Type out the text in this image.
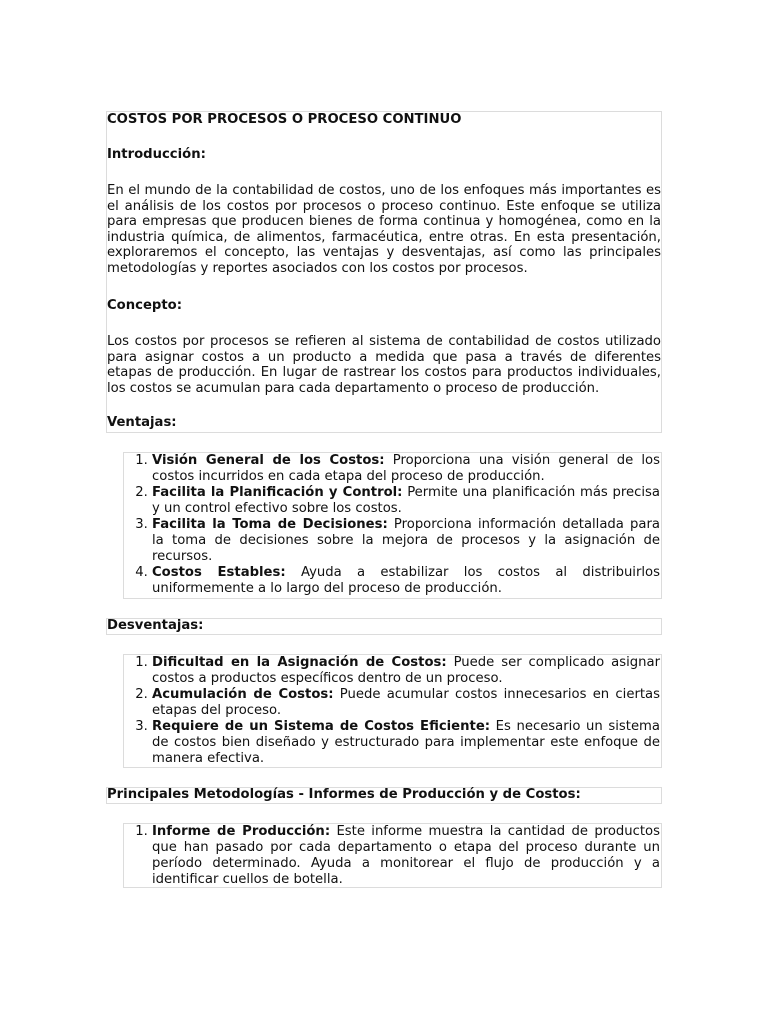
COSTOS POR PROCESOS O PROCESO CONTINUO

Introducción:

En el mundo de la contabilidad de costos, uno de los enfoques más importantes es el análisis de los costos por procesos o proceso continuo. Este enfoque se utiliza para empresas que producen bienes de forma continua y homogénea, como en la industria química, de alimentos, farmacéutica, entre otras. En esta presentación, exploraremos el concepto, las ventajas y desventajas, así como las principales metodologías y reportes asociados con los costos por procesos.

Concepto:

Los costos por procesos se refieren al sistema de contabilidad de costos utilizado para asignar costos a un producto a medida que pasa a través de diferentes etapas de producción. En lugar de rastrear los costos para productos individuales, los costos se acumulan para cada departamento o proceso de producción.

Ventajas:

1. Visión General de los Costos: Proporciona una visión general de los costos incurridos en cada etapa del proceso de producción.
2. Facilita la Planificación y Control: Permite una planificación más precisa y un control efectivo sobre los costos.
3. Facilita la Toma de Decisiones: Proporciona información detallada para la toma de decisiones sobre la mejora de procesos y la asignación de recursos.
4. Costos Estables: Ayuda a estabilizar los costos al distribuirlos uniformemente a lo largo del proceso de producción.

Desventajas:

1. Dificultad en la Asignación de Costos: Puede ser complicado asignar costos a productos específicos dentro de un proceso.
2. Acumulación de Costos: Puede acumular costos innecesarios en ciertas etapas del proceso.
3. Requiere de un Sistema de Costos Eficiente: Es necesario un sistema de costos bien diseñado y estructurado para implementar este enfoque de manera efectiva.

Principales Metodologías - Informes de Producción y de Costos:

1. Informe de Producción: Este informe muestra la cantidad de productos que han pasado por cada departamento o etapa del proceso durante un período determinado. Ayuda a monitorear el flujo de producción y a identificar cuellos de botella.
